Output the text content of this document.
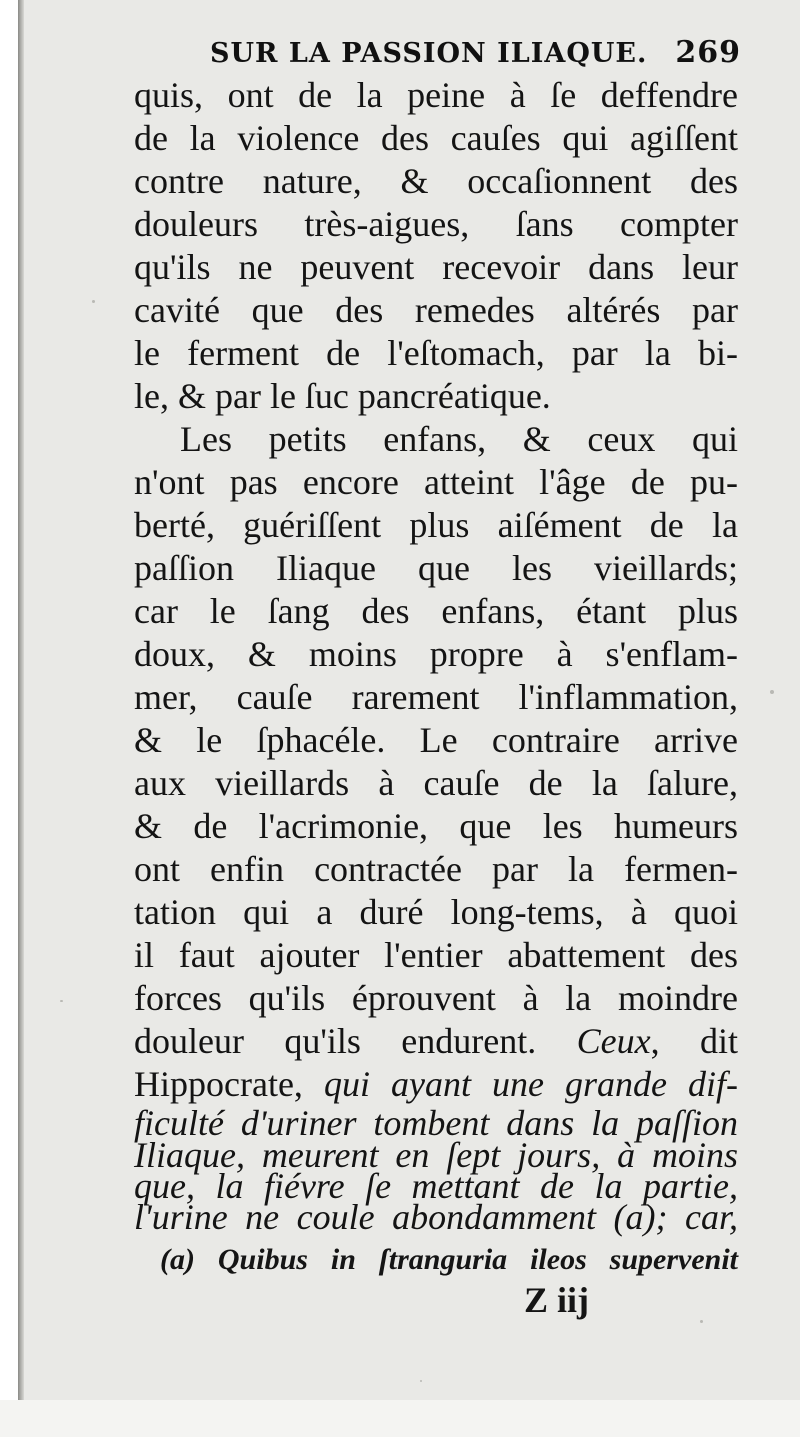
SUR LA PASSION ILIAQUE. 269
quis, ont de la peine à ſe deffendre
de la violence des cauſes qui agiſſent
contre nature, & occaſionnent des
douleurs très-aigues, ſans compter
qu'ils ne peuvent recevoir dans leur
cavité que des remedes altérés par
le ferment de l'eſtomach, par la bi-
le, & par le ſuc pancréatique.
Les petits enfans, & ceux qui
n'ont pas encore atteint l'âge de pu-
berté, guériſſent plus aiſément de la
paſſion Iliaque que les vieillards;
car le ſang des enfans, étant plus
doux, & moins propre à s'enflam-
mer, cauſe rarement l'inflammation,
& le ſphacéle. Le contraire arrive
aux vieillards à cauſe de la ſalure,
& de l'acrimonie, que les humeurs
ont enfin contractée par la fermen-
tation qui a duré long-tems, à quoi
il faut ajouter l'entier abattement des
forces qu'ils éprouvent à la moindre
douleur qu'ils endurent. Ceux, dit
Hippocrate, qui ayant une grande dif-
ficulté d'uriner tombent dans la paſſion
Iliaque, meurent en ſept jours, à moins
que, la fiévre ſe mettant de la partie,
(a) Quibus in ſtranguria ileos supervenit
Z iij
l'urine ne coule abondamment (a); car,
